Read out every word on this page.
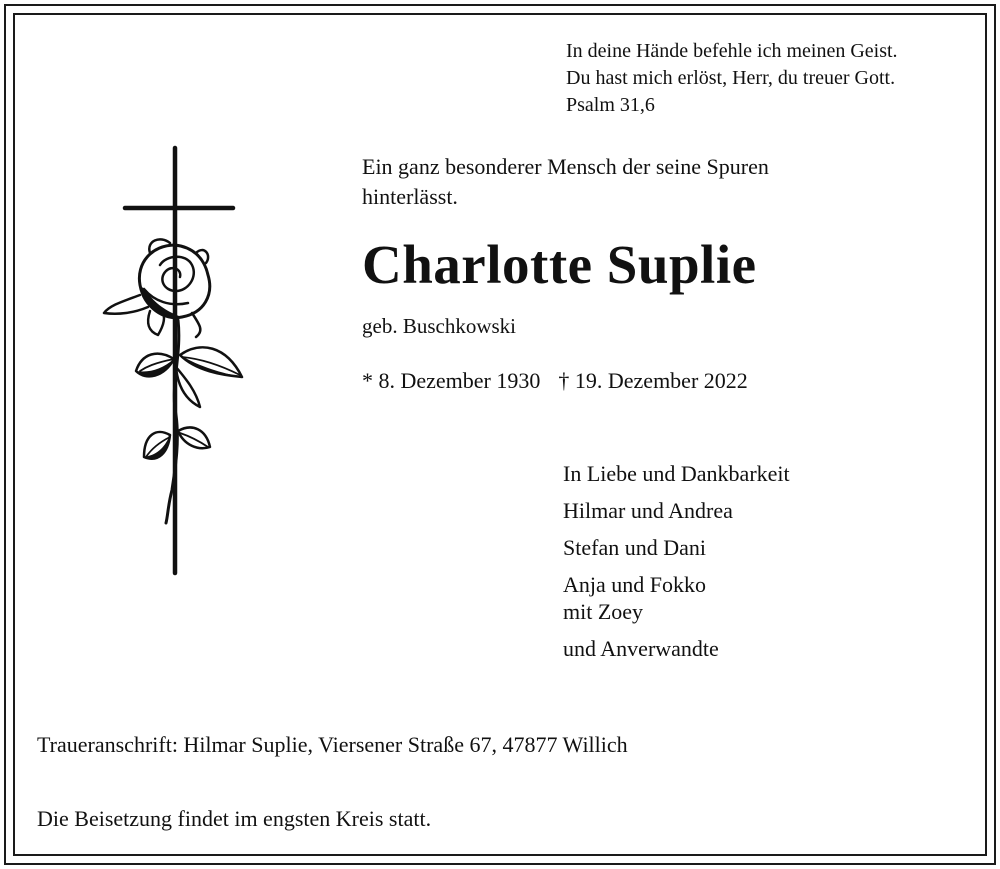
In deine Hände befehle ich meinen Geist.
Du hast mich erlöst, Herr, du treuer Gott.
Psalm 31,6
Ein ganz besonderer Mensch der seine Spuren
hinterlässt.
Charlotte Suplie
geb. Buschkowski
* 8. Dezember 1930 † 19. Dezember 2022
In Liebe und Dankbarkeit
Hilmar und Andrea
Stefan und Dani
Anja und Fokko
mit Zoey
und Anverwandte
Traueranschrift: Hilmar Suplie, Viersener Straße 67, 47877 Willich
Die Beisetzung findet im engsten Kreis statt.
